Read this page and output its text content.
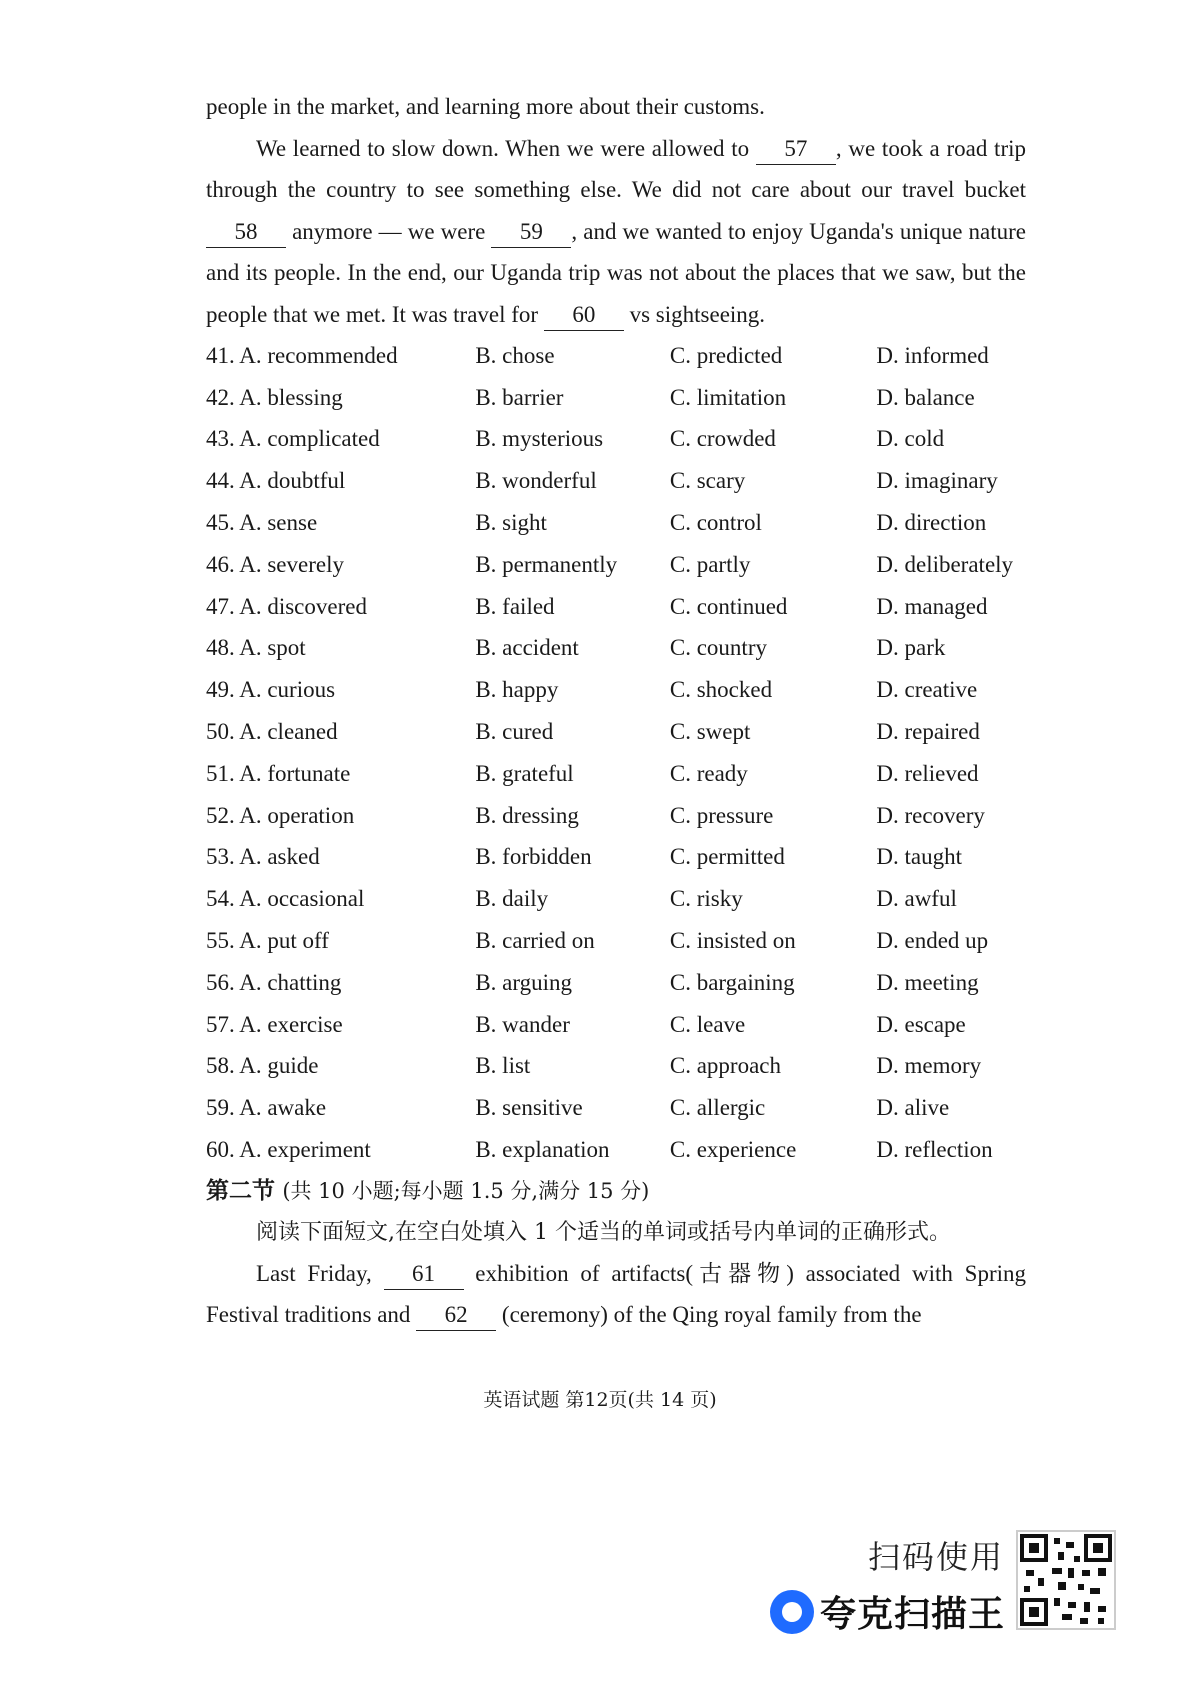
people in the market, and learning more about their customs.

We learned to slow down. When we were allowed to 57 , we took a road trip through the country to see something else. We did not care about our travel bucket 58 anymore — we were 59 , and we wanted to enjoy Uganda's unique nature and its people. In the end, our Uganda trip was not about the places that we saw, but the people that we met. It was travel for 60 vs sightseeing.

41. A. recommended	B. chose	C. predicted	D. informed
42. A. blessing	B. barrier	C. limitation	D. balance
43. A. complicated	B. mysterious	C. crowded	D. cold
44. A. doubtful	B. wonderful	C. scary	D. imaginary
45. A. sense	B. sight	C. control	D. direction
46. A. severely	B. permanently	C. partly	D. deliberately
47. A. discovered	B. failed	C. continued	D. managed
48. A. spot	B. accident	C. country	D. park
49. A. curious	B. happy	C. shocked	D. creative
50. A. cleaned	B. cured	C. swept	D. repaired
51. A. fortunate	B. grateful	C. ready	D. relieved
52. A. operation	B. dressing	C. pressure	D. recovery
53. A. asked	B. forbidden	C. permitted	D. taught
54. A. occasional	B. daily	C. risky	D. awful
55. A. put off	B. carried on	C. insisted on	D. ended up
56. A. chatting	B. arguing	C. bargaining	D. meeting
57. A. exercise	B. wander	C. leave	D. escape
58. A. guide	B. list	C. approach	D. memory
59. A. awake	B. sensitive	C. allergic	D. alive
60. A. experiment	B. explanation	C. experience	D. reflection
第二节 (共 10 小题;每小题 1.5 分,满分 15 分)

阅读下面短文,在空白处填入 1 个适当的单词或括号内单词的正确形式。

Last Friday, 61 exhibition of artifacts(古器物) associated with Spring Festival traditions and 62 (ceremony) of the Qing royal family from the

英语试题 第12页(共 14 页)
扫码使用
夸克扫描王
